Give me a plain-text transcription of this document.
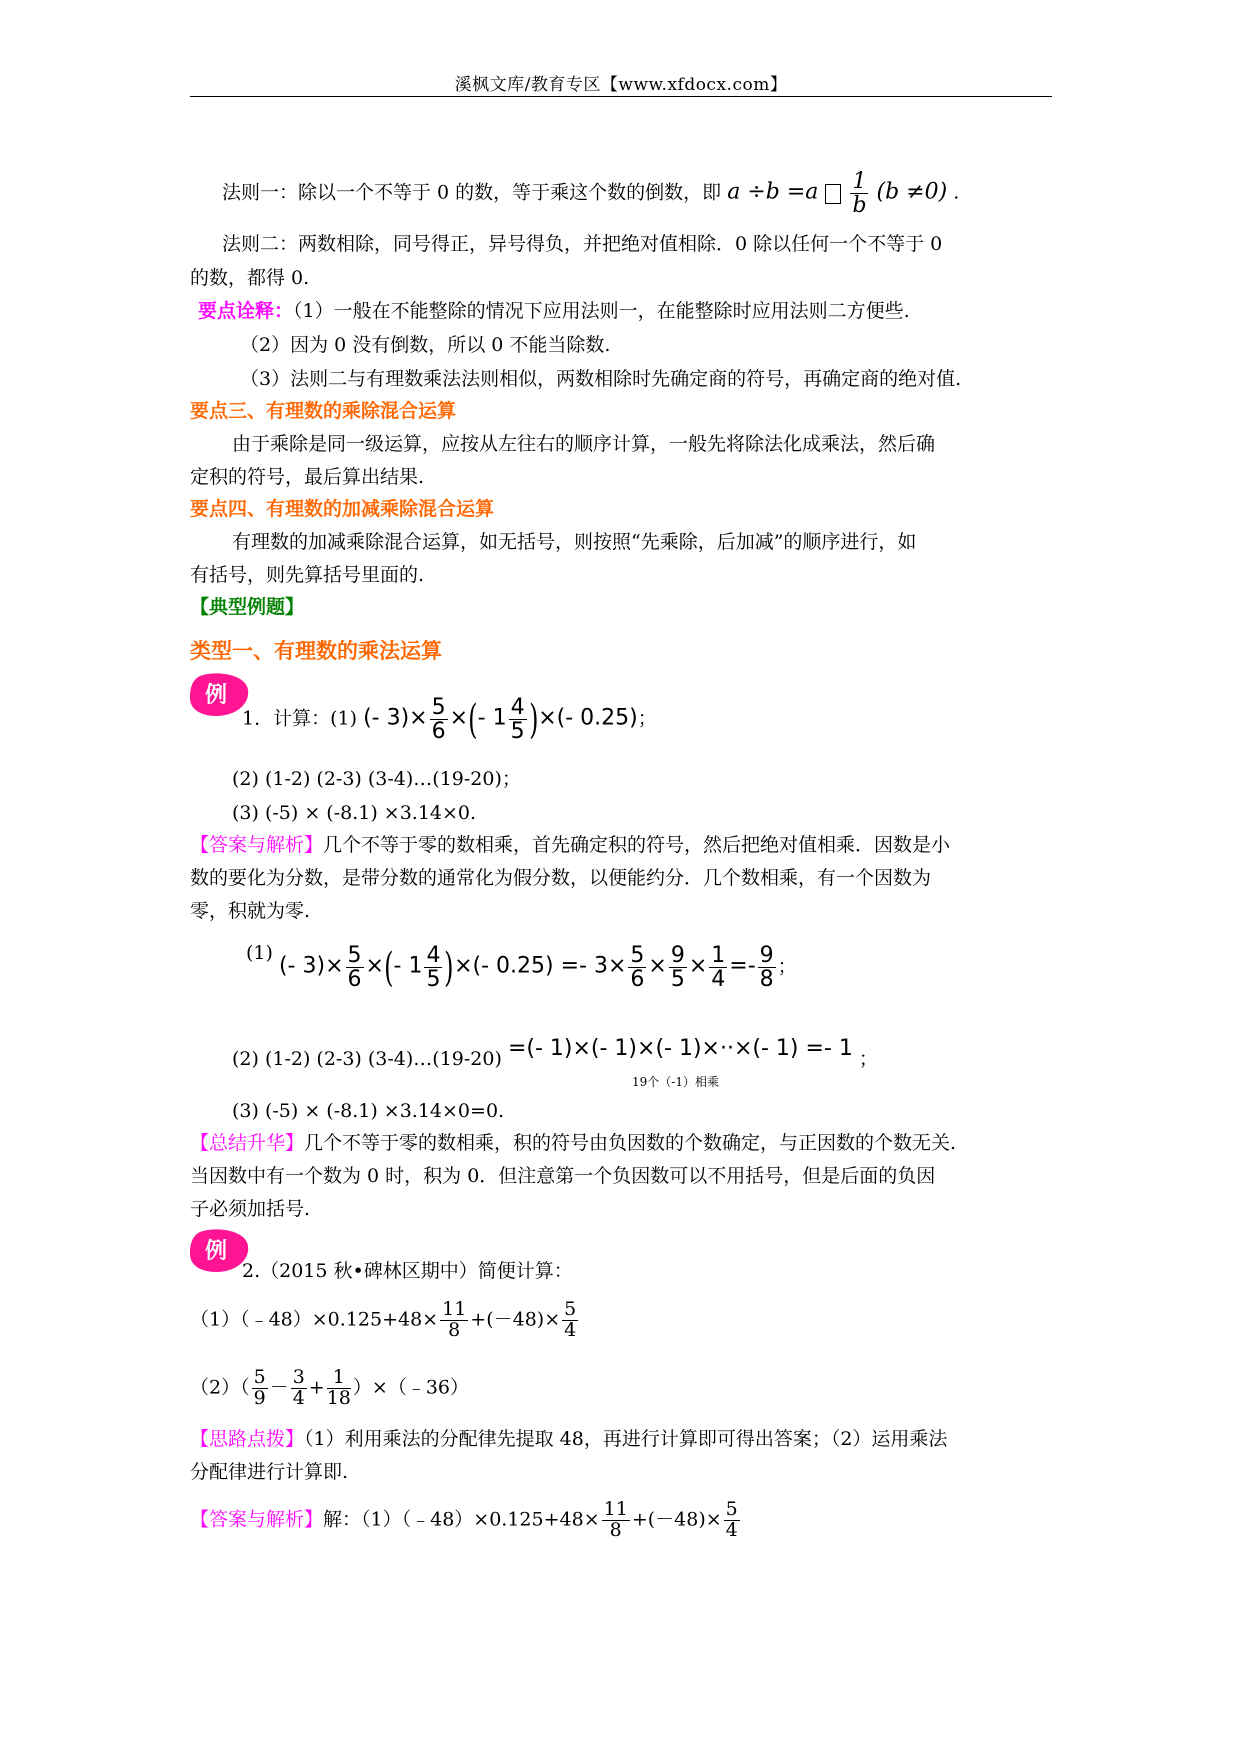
溪枫文库/教育专区【www.xfdocx.com】
法则一：除以一个不等于 0 的数，等于乘这个数的倒数，即 $a \div b =a \frac{1}{b} (b \ne 0)$ .
法则二：两数相除，同号得正，异号得负，并把绝对值相除．0 除以任何一个不等于 0
的数，都得 0.
要点诠释：（1）一般在不能整除的情况下应用法则一，在能整除时应用法则二方便些.
（2）因为 0 没有倒数，所以 0 不能当除数.
（3）法则二与有理数乘法法则相似，两数相除时先确定商的符号，再确定商的绝对值.
要点三、有理数的乘除混合运算
由于乘除是同一级运算，应按从左往右的顺序计算，一般先将除法化成乘法，然后确
定积的符号，最后算出结果.
要点四、有理数的加减乘除混合运算
有理数的加减乘除混合运算，如无括号，则按照“先乘除，后加减”的顺序进行，如
有括号，则先算括号里面的.
【典型例题】
类型一、有理数的乘法运算
例
1．计算：(1) (- $3)\times \frac{5}{6}$ ×(- $1 \frac{4}{5}$ )×(- 0.25)；
(2) (1-2) (2-3) (3-4)…(19-20)；
(3) (-5) × (-8.1) ×3.14×0.
【答案与解析】几个不等于零的数相乘，首先确定积的符号，然后把绝对值相乘．因数是小
数的要化为分数，是带分数的通常化为假分数，以便能约分．几个数相乘，有一个因数为
零，积就为零.
(1) (- $3)\times \frac{5}{6}$ ×(- $1 \frac{4}{5}$ )×(- $0.25) =- 3\times \frac{5}{6} \times \frac{9}{5} \times \frac{1}{4} =- \frac{9}{8}$ ；
(2) (1-2) (2-3) (3-4)…(19-20) =(- 1)×(- 1)×(- 1)×··×(- 1) =- 1 ；
19个（-1）相乘
(3) (-5) × (-8.1) ×3.14×0=0.
【总结升华】几个不等于零的数相乘，积的符号由负因数的个数确定，与正因数的个数无关.
当因数中有一个数为 0 时，积为 0．但注意第一个负因数可以不用括号，但是后面的负因
子必须加括号.
例
2.（2015 秋•碑林区期中）简便计算：
（1）（﹣48）×0.125+48× $\frac{11}{8} +(-48)\times \frac{5}{4}$
$(2)( \frac{5}{9} - \frac{3}{4} + \frac{1}{18}$ ）×（﹣36）
【思路点拨】（1）利用乘法的分配律先提取 48，再进行计算即可得出答案；（2）运用乘法
分配律进行计算即.
【答案与解析】解：（1）（﹣48）×0.125+48× $\frac{11}{8} +(-48)\times \frac{5}{4}$
